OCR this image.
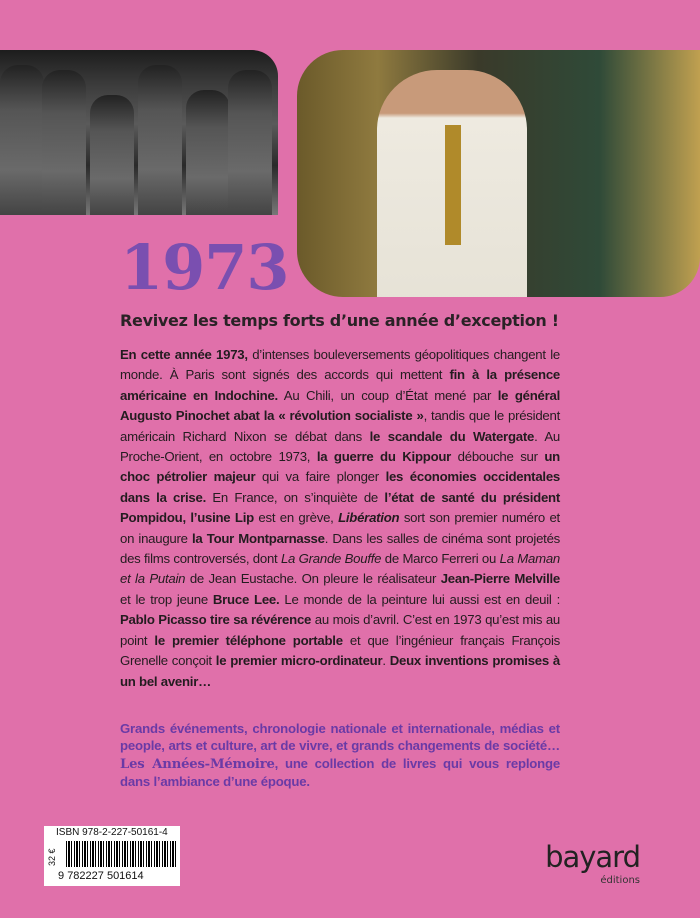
1973
Revivez les temps forts d’une année d’exception !
En cette année 1973, d’intenses bouleversements géopolitiques changent le monde. À Paris sont signés des accords qui mettent fin à la présence américaine en Indochine. Au Chili, un coup d’État mené par le général Augusto Pinochet abat la « révolution socialiste », tandis que le président américain Richard Nixon se débat dans le scandale du Watergate. Au Proche-Orient, en octobre 1973, la guerre du Kippour débouche sur un choc pétrolier majeur qui va faire plonger les économies occidentales dans la crise. En France, on s’inquiète de l’état de santé du président Pompidou, l’usine Lip est en grève, Libération sort son premier numéro et on inaugure la Tour Montparnasse. Dans les salles de cinéma sont projetés des films controversés, dont La Grande Bouffe de Marco Ferreri ou La Maman et la Putain de Jean Eustache. On pleure le réalisateur Jean-Pierre Melville et le trop jeune Bruce Lee. Le monde de la peinture lui aussi est en deuil : Pablo Picasso tire sa révérence au mois d’avril. C’est en 1973 qu’est mis au point le premier téléphone portable et que l’ingénieur français François Grenelle conçoit le premier micro-ordinateur. Deux inventions promises à un bel avenir…
Grands événements, chronologie nationale et internationale, médias et people, arts et culture, art de vivre, et grands changements de société… Les Années-Mémoire, une collection de livres qui vous replonge dans l’ambiance d’une époque.
ISBN 978-2-227-50161-4
32 €
9 782227 501614
bayard
éditions
